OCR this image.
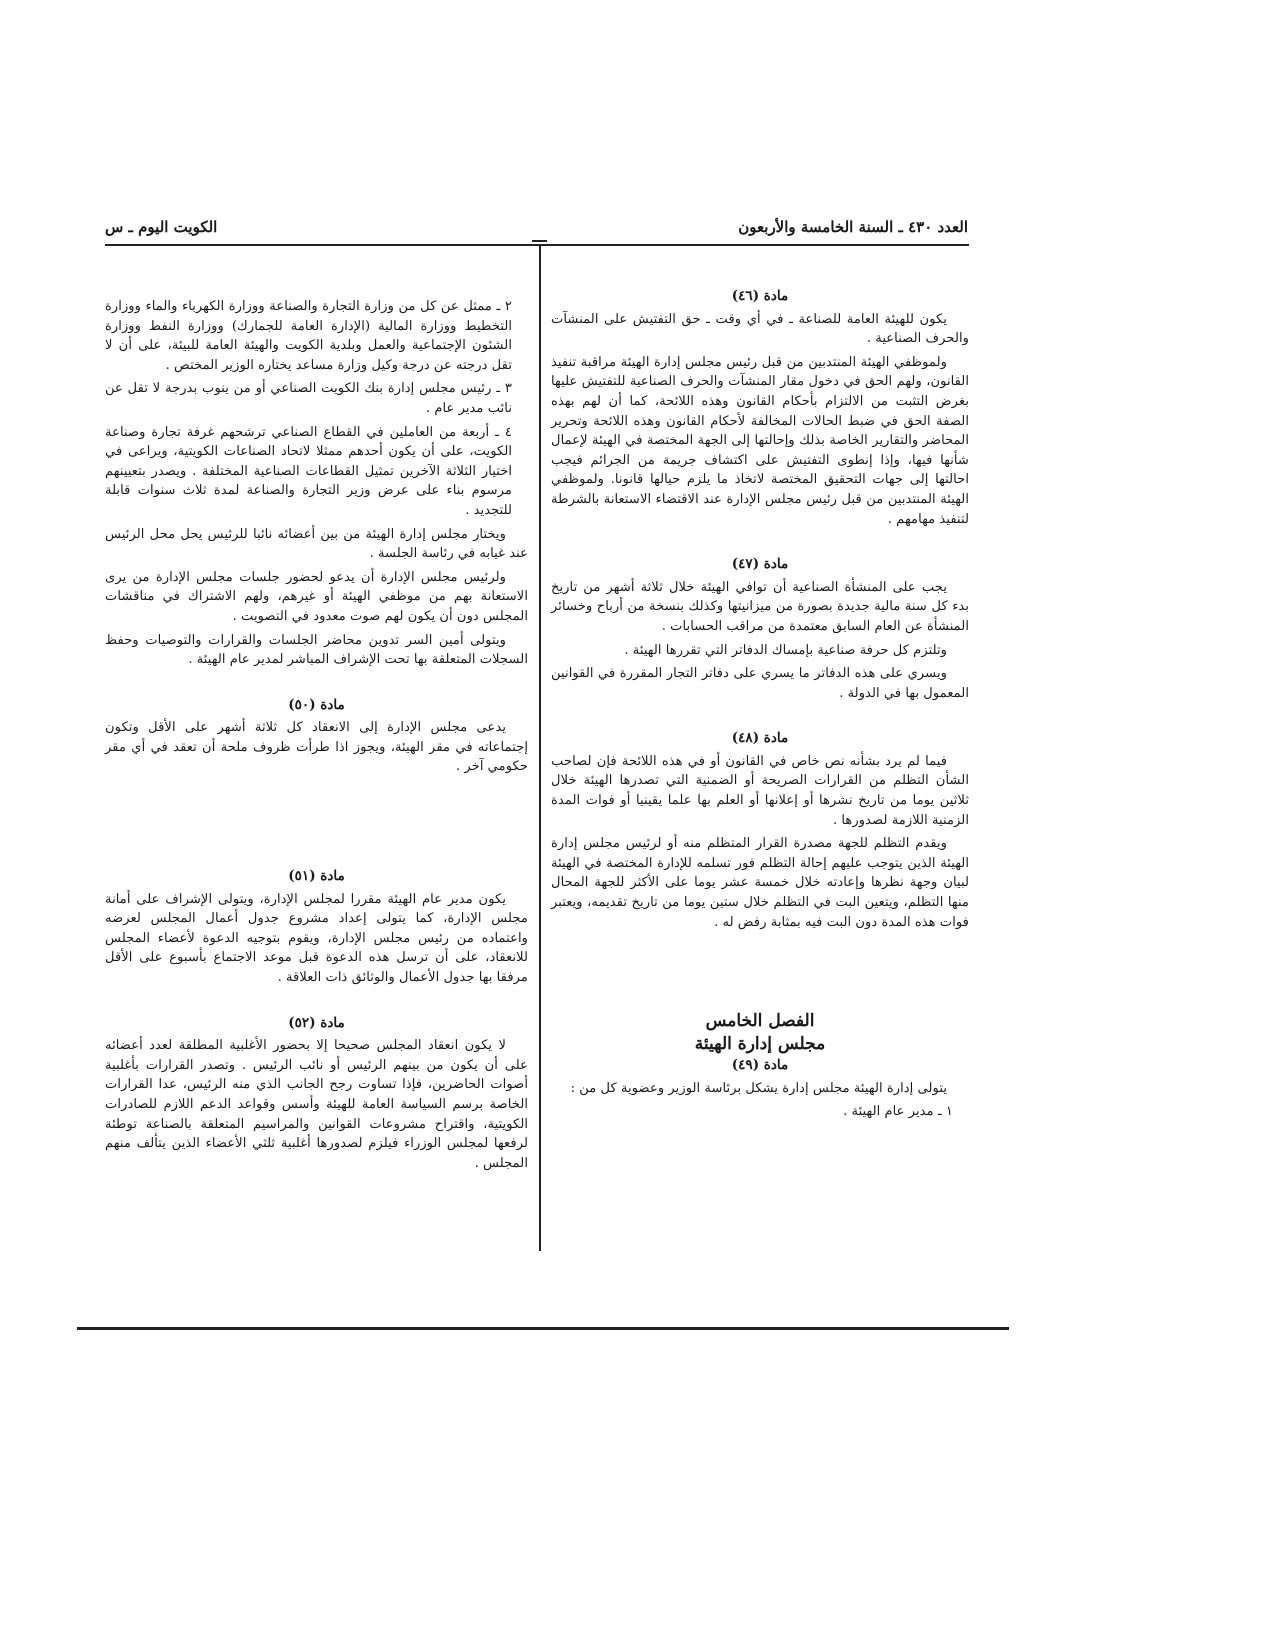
العدد ٤٣٠ ـ السنة الخامسة والأربعون
الكويت اليوم ـ س
مادة (٤٦)

يكون للهيئة العامة للصناعة ـ في أي وقت ـ حق التفتيش على المنشآت والحرف الصناعية .

ولموظفي الهيئة المنتدبين من قبل رئيس مجلس إدارة الهيئة مراقبة تنفيذ القانون، ولهم الحق في دخول مقار المنشآت والحرف الصناعية للتفتيش عليها بغرض التثبت من الالتزام بأحكام القانون وهذه اللائحة، كما أن لهم بهذه الصفة الحق في ضبط الحالات المخالفة لأحكام القانون وهذه اللائحة وتحرير المحاضر والتقارير الخاصة بذلك وإحالتها إلى الجهة المختصة في الهيئة لإعمال شأنها فيها، وإذا إنطوى التفتيش على اكتشاف جريمة من الجرائم فيجب احالتها إلى جهات التحقيق المختصة لاتخاذ ما يلزم حيالها قانونا. ولموظفي الهيئة المنتدبين من قبل رئيس مجلس الإدارة عند الاقتضاء الاستعانة بالشرطة لتنفيذ مهامهم .

مادة (٤٧)

يجب على المنشأة الصناعية أن توافي الهيئة خلال ثلاثة أشهر من تاريخ بدء كل سنة مالية جديدة بصورة من ميزانيتها وكذلك بنسخة من أرباح وخسائر المنشأة عن العام السابق معتمدة من مراقب الحسابات .

وتلتزم كل حرفة صناعية بإمساك الدفاتر التي تقررها الهيئة .

ويسري على هذه الدفاتر ما يسري على دفاتر التجار المقررة في القوانين المعمول بها في الدولة .

مادة (٤٨)

فيما لم يرد بشأنه نص خاص في القانون أو في هذه اللائحة فإن لصاحب الشأن التظلم من القرارات الصريحة أو الضمنية التي تصدرها الهيئة خلال ثلاثين يوما من تاريخ نشرها أو إعلانها أو العلم بها علما يقينيا أو فوات المدة الزمنية اللازمة لصدورها .

ويقدم التظلم للجهة مصدرة القرار المتظلم منه أو لرئيس مجلس إدارة الهيئة الذين يتوجب عليهم إحالة التظلم فور تسلمه للإدارة المختصة في الهيئة لبيان وجهة نظرها وإعادته خلال خمسة عشر يوما على الأكثر للجهة المحال منها التظلم، ويتعين البت في التظلم خلال ستين يوما من تاريخ تقديمه، ويعتبر فوات هذه المدة دون البت فيه بمثابة رفض له .

الفصل الخامس
مجلس إدارة الهيئة
مادة (٤٩)

يتولى إدارة الهيئة مجلس إدارة يشكل برئاسة الوزير وعضوية كل من :

١ ـ مدير عام الهيئة .

٢ ـ ممثل عن كل من وزارة التجارة والصناعة ووزارة الكهرباء والماء ووزارة التخطيط ووزارة المالية (الإدارة العامة للجمارك) ووزارة النفط ووزارة الشئون الإجتماعية والعمل وبلدية الكويت والهيئة العامة للبيئة، على أن لا تقل درجته عن درجة وكيل وزارة مساعد يختاره الوزير المختص .

٣ ـ رئيس مجلس إدارة بنك الكويت الصناعي أو من ينوب بدرجة لا تقل عن نائب مدير عام .

٤ ـ أربعة من العاملين في القطاع الصناعي ترشحهم غرفة تجارة وصناعة الكويت، على أن يكون أحدهم ممثلا لاتحاد الصناعات الكويتية، ويراعى في اختيار الثلاثة الآخرين تمثيل القطاعات الصناعية المختلفة . ويصدر بتعيينهم مرسوم بناء على عرض وزير التجارة والصناعة لمدة ثلاث سنوات قابلة للتجديد .

ويختار مجلس إدارة الهيئة من بين أعضائه نائبا للرئيس يحل محل الرئيس عند غيابه في رئاسة الجلسة .

ولرئيس مجلس الإدارة أن يدعو لحضور جلسات مجلس الإدارة من يرى الاستعانة بهم من موظفي الهيئة أو غيرهم، ولهم الاشتراك في مناقشات المجلس دون أن يكون لهم صوت معدود في التصويت .

ويتولى أمين السر تدوين محاضر الجلسات والقرارات والتوصيات وحفظ السجلات المتعلقة بها تحت الإشراف المباشر لمدير عام الهيئة .

مادة (٥٠)

يدعى مجلس الإدارة إلى الانعقاد كل ثلاثة أشهر على الأقل وتكون إجتماعاته في مقر الهيئة، ويجوز اذا طرأت ظروف ملحة أن تعقد في أي مقر حكومي آخر .

مادة (٥١)

يكون مدير عام الهيئة مقررا لمجلس الإدارة، ويتولى الإشراف على أمانة مجلس الإدارة، كما يتولى إعداد مشروع جدول أعمال المجلس لعرضه واعتماده من رئيس مجلس الإدارة، ويقوم بتوجيه الدعوة لأعضاء المجلس للانعقاد، على أن ترسل هذه الدعوة قبل موعد الاجتماع بأسبوع على الأقل مرفقا بها جدول الأعمال والوثائق ذات العلاقة .

مادة (٥٢)

لا يكون انعقاد المجلس صحيحا إلا بحضور الأغلبية المطلقة لعدد أعضائه على أن يكون من بينهم الرئيس أو نائب الرئيس . وتصدر القرارات بأغلبية أصوات الحاضرين، فإذا تساوت رجح الجانب الذي منه الرئيس، عدا القرارات الخاصة برسم السياسة العامة للهيئة وأسس وقواعد الدعم اللازم للصادرات الكويتية، واقتراح مشروعات القوانين والمراسيم المتعلقة بالصناعة توطئة لرفعها لمجلس الوزراء فيلزم لصدورها أغلبية ثلثي الأعضاء الذين يتألف منهم المجلس .
